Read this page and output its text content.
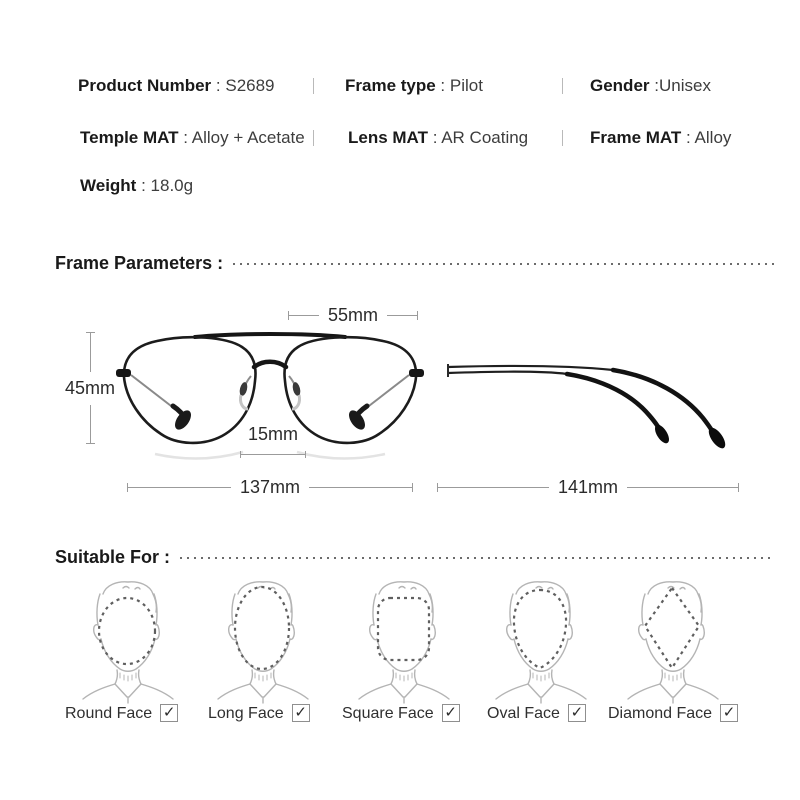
Product Number : S2689	Frame type : Pilot	Gender :Unisex
Temple MAT : Alloy + Acetate	Lens MAT : AR Coating	Frame MAT : Alloy
Weight : 18.0g
Frame Parameters :
55mm
45mm
15mm
137mm	141mm
Suitable For :
Round Face ✓ Long Face ✓ Square Face ✓ Oval Face ✓ Diamond Face ✓
